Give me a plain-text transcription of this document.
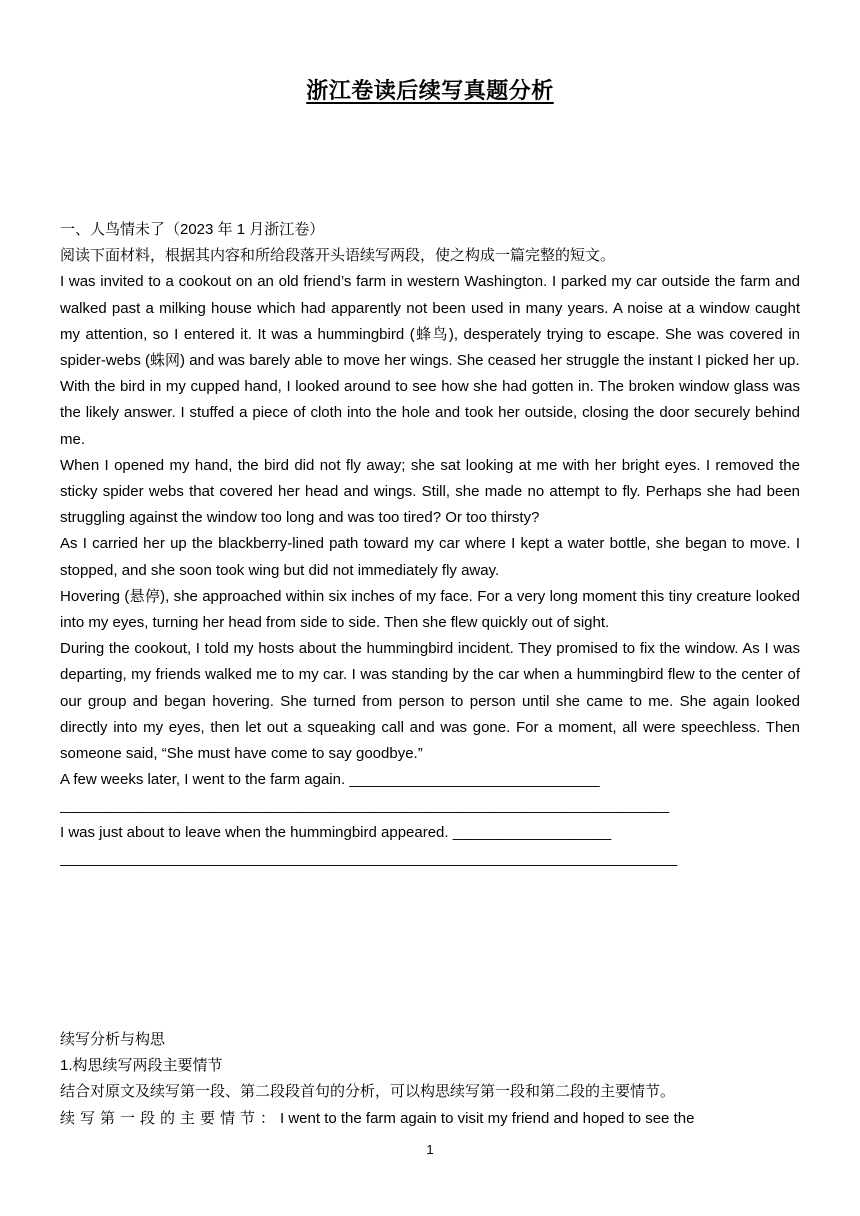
浙江卷读后续写真题分析

一、人鸟情未了（2023 年 1 月浙江卷）

阅读下面材料，根据其内容和所给段落开头语续写两段，使之构成一篇完整的短文。

I was invited to a cookout on an old friend’s farm in western Washington. I parked my car outside the farm and walked past a milking house which had apparently not been used in many years. A noise at a window caught my attention, so I entered it. It was a hummingbird (蜂鸟), desperately trying to escape. She was covered in spider-webs (蛛网) and was barely able to move her wings. She ceased her struggle the instant I picked her up.

With the bird in my cupped hand, I looked around to see how she had gotten in. The broken window glass was the likely answer. I stuffed a piece of cloth into the hole and took her outside, closing the door securely behind me.

When I opened my hand, the bird did not fly away; she sat looking at me with her bright eyes. I removed the sticky spider webs that covered her head and wings. Still, she made no attempt to fly. Perhaps she had been struggling against the window too long and was too tired? Or too thirsty?

As I carried her up the blackberry-lined path toward my car where I kept a water bottle, she began to move. I stopped, and she soon took wing but did not immediately fly away.

Hovering (悬停), she approached within six inches of my face. For a very long moment this tiny creature looked into my eyes, turning her head from side to side. Then she flew quickly out of sight.

During the cookout, I told my hosts about the hummingbird incident. They promised to fix the window. As I was departing, my friends walked me to my car. I was standing by the car when a hummingbird flew to the center of our group and began hovering. She turned from person to person until she came to me. She again looked directly into my eyes, then let out a squeaking call and was gone. For a moment, all were speechless. Then someone said, “She must have come to say goodbye.”

A few weeks later, I went to the farm again. ______________________________

_________________________________________________________________________

I was just about to leave when the hummingbird appeared. ___________________

__________________________________________________________________________

续写分析与构思

1.构思续写两段主要情节

结合对原文及续写第一段、第二段段首句的分析，可以构思续写第一段和第二段的主要情节。

续写第一段的主要情节：I went to the farm again to visit my friend and hoped to see the

1
